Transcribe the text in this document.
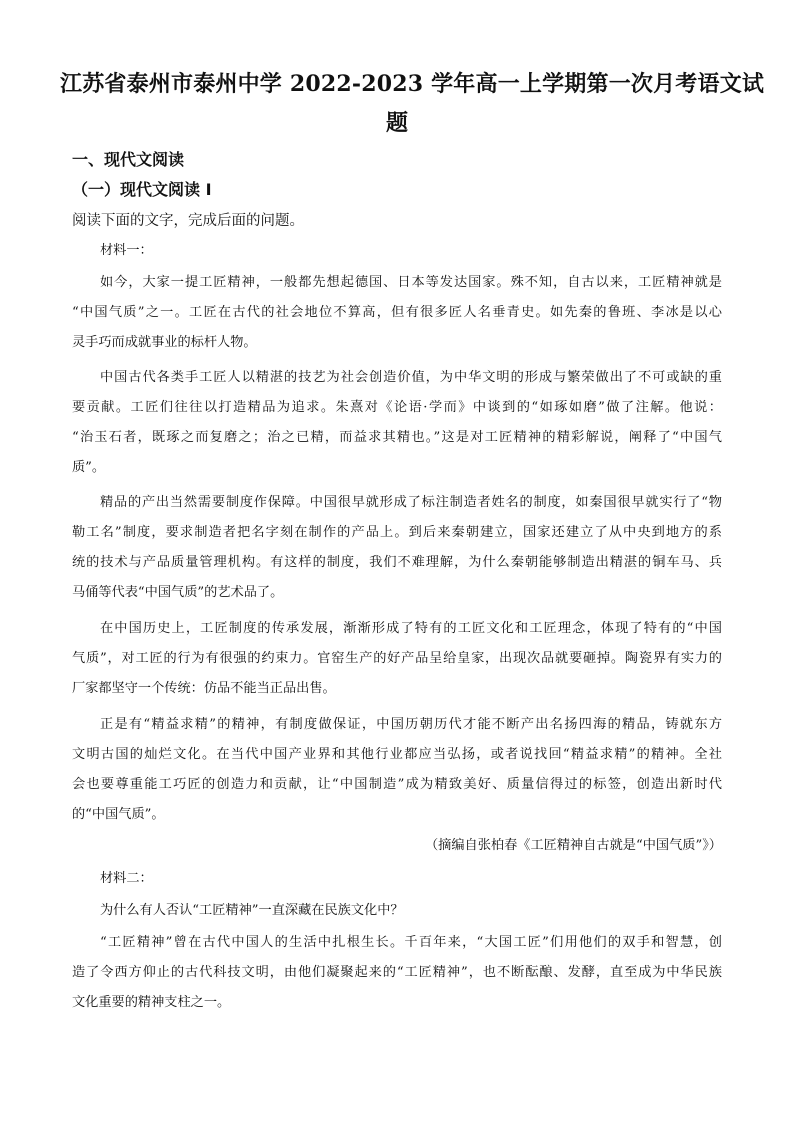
江苏省泰州市泰州中学 2022-2023 学年高一上学期第一次月考语文试
题
一、现代文阅读
（一）现代文阅读 I
阅读下面的文字，完成后面的问题。
材料一：
如今，大家一提工匠精神，一般都先想起德国、日本等发达国家。殊不知，自古以来，工匠精神就是
“中国气质”之一。工匠在古代的社会地位不算高，但有很多匠人名垂青史。如先秦的鲁班、李冰是以心
灵手巧而成就事业的标杆人物。
中国古代各类手工匠人以精湛的技艺为社会创造价值，为中华文明的形成与繁荣做出了不可或缺的重
要贡献。工匠们往往以打造精品为追求。朱熹对《论语·学而》中谈到的“如琢如磨”做了注解。他说：
“治玉石者，既琢之而复磨之；治之已精，而益求其精也。”这是对工匠精神的精彩解说，阐释了“中国气
质”。
精品的产出当然需要制度作保障。中国很早就形成了标注制造者姓名的制度，如秦国很早就实行了“物
勒工名”制度，要求制造者把名字刻在制作的产品上。到后来秦朝建立，国家还建立了从中央到地方的系
统的技术与产品质量管理机构。有这样的制度，我们不难理解，为什么秦朝能够制造出精湛的铜车马、兵
马俑等代表“中国气质”的艺术品了。
在中国历史上，工匠制度的传承发展，渐渐形成了特有的工匠文化和工匠理念，体现了特有的“中国
气质”，对工匠的行为有很强的约束力。官窑生产的好产品呈给皇家，出现次品就要砸掉。陶瓷界有实力的
厂家都坚守一个传统：仿品不能当正品出售。
正是有“精益求精”的精神，有制度做保证，中国历朝历代才能不断产出名扬四海的精品，铸就东方
文明古国的灿烂文化。在当代中国产业界和其他行业都应当弘扬，或者说找回“精益求精”的精神。全社
会也要尊重能工巧匠的创造力和贡献，让“中国制造”成为精致美好、质量信得过的标签，创造出新时代
的“中国气质”。
（摘编自张柏春《工匠精神自古就是“中国气质”》）
材料二：
为什么有人否认“工匠精神”一直深藏在民族文化中？
“工匠精神”曾在古代中国人的生活中扎根生长。千百年来，“大国工匠”们用他们的双手和智慧，创
造了令西方仰止的古代科技文明，由他们凝聚起来的“工匠精神”，也不断酝酿、发酵，直至成为中华民族
文化重要的精神支柱之一。
